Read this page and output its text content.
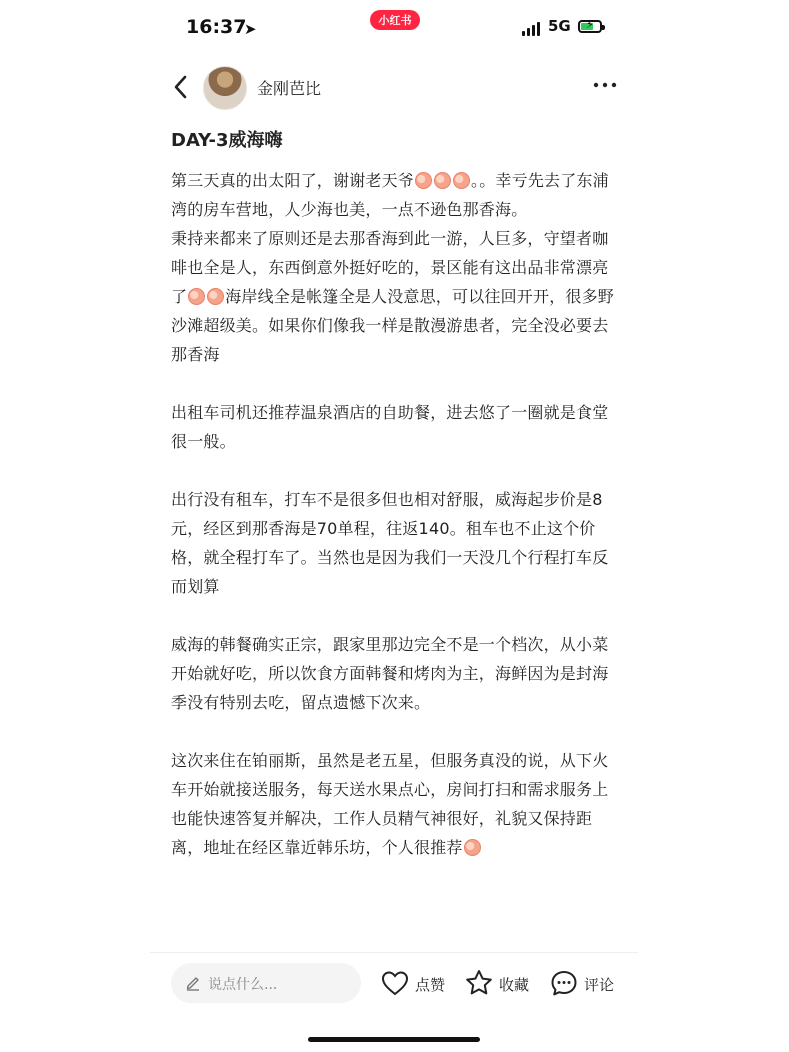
16:37
➤	小红书	5G ⚡
金刚芭比
DAY-3威海嗨

第三天真的出太阳了，谢谢老天爷	。。幸亏先去了东浦湾的房车营地，人少海也美，一点不逊色那香海。

秉持来都来了原则还是去那香海到此一游，人巨多，守望者咖啡也全是人，东西倒意外挺好吃的，景区能有这出品非常漂亮了 海岸线全是帐篷全是人没意思，可以往回开开，很多野沙滩超级美。如果你们像我一样是散漫游患者，完全没必要去那香海

出租车司机还推荐温泉酒店的自助餐，进去悠了一圈就是食堂很一般。

出行没有租车，打车不是很多但也相对舒服，威海起步价是8元，经区到那香海是70单程，往返140。租车也不止这个价格，就全程打车了。当然也是因为我们一天没几个行程打车反而划算

威海的韩餐确实正宗，跟家里那边完全不是一个档次，从小菜开始就好吃，所以饮食方面韩餐和烤肉为主，海鲜因为是封海季没有特别去吃，留点遗憾下次来。

这次来住在铂丽斯，虽然是老五星，但服务真没的说，从下火车开始就接送服务，每天送水果点心，房间打扫和需求服务上也能快速答复并解决，工作人员精气神很好，礼貌又保持距离，地址在经区靠近韩乐坊，个人很推荐

说点什么...	点赞	收藏	评论
